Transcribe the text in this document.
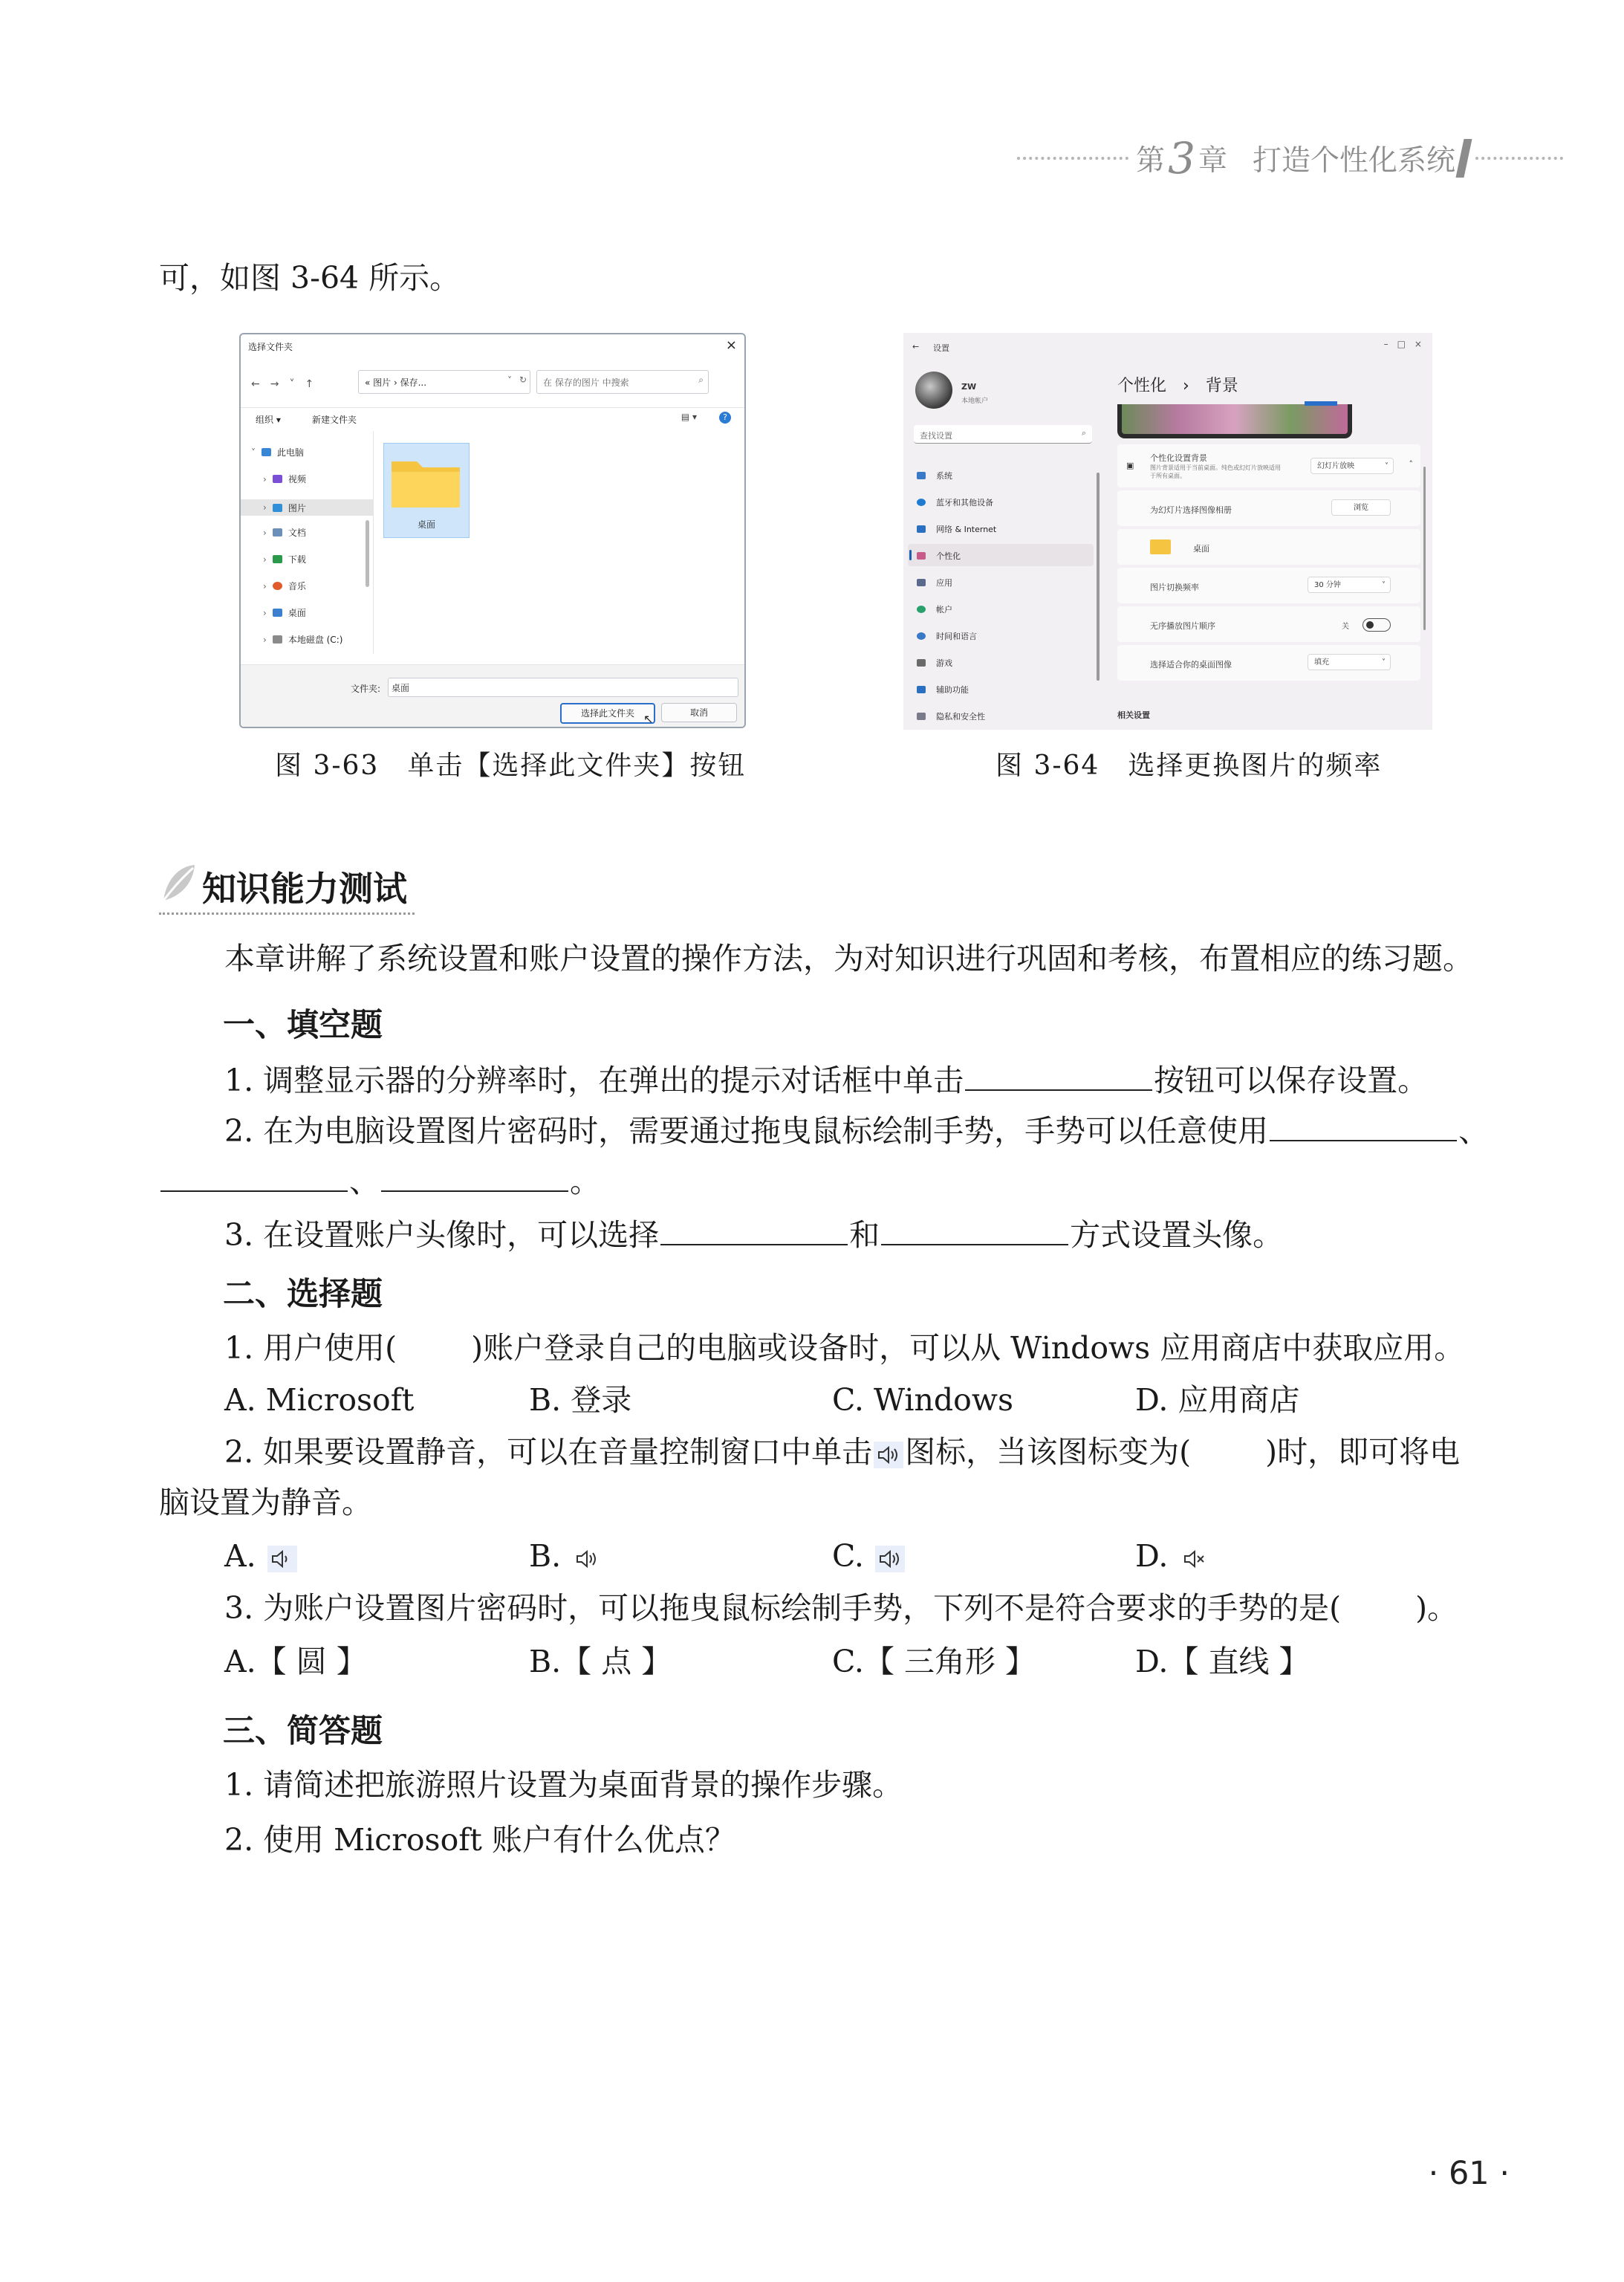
第 3 章 打造个性化系统
可，如图 3-64 所示。
选择文件夹	×
←　→　˅　↑	« 图片 › 保存...	˅ ↻ 在 保存的图片 中搜索	⌕
组织 ▾	新建文件夹	▤ ▾	?
˅ 此电脑
› 视频
› 图片
› 文档
› 下载
› 音乐
› 桌面
› 本地磁盘 (C:)
文件夹: 桌面
选择此文件夹	取消
↖
桌面
图 3-63　单击【选择此文件夹】按钮
← 设置	–　□　×
ZW
本地帐户
查找设置	⌕
系统
蓝牙和其他设备
网络 & Internet
个性化
应用
帐户
时间和语言
游戏
辅助功能
隐私和安全性
个性化　›　背景
▣
个性化设置背景
图片背景适用于当前桌面。纯色或幻灯片放映适用于所有桌面。
幻灯片放映	˅	˄
为幻灯片选择图像相册	浏览
桌面
图片切换频率	30 分钟	˅
无序播放图片顺序	关
选择适合你的桌面图像	填充	˅
相关设置
图 3-64　选择更换图片的频率
知识能力测试
本章讲解了系统设置和账户设置的操作方法，为对知识进行巩固和考核，布置相应的练习题。
一、填空题
1. 调整显示器的分辨率时，在弹出的提示对话框中单击	按钮可以保存设置。
2. 在为电脑设置图片密码时，需要通过拖曳鼠标绘制手势，手势可以任意使用	、
、	。
3. 在设置账户头像时，可以选择	和	方式设置头像。
二、选择题
1. 用户使用( )账户登录自己的电脑或设备时，可以从 Windows 应用商店中获取应用。
A. Microsoft	B. 登录	C. Windows	D. 应用商店
2. 如果要设置静音，可以在音量控制窗口中单击 图标，当该图标变为( )时，即可将电
脑设置为静音。
A.	B.	C.	D.
3. 为账户设置图片密码时，可以拖曳鼠标绘制手势，下列不是符合要求的手势的是( )。
A.【 圆 】	B.【 点 】	C.【 三角形 】	D.【 直线 】
三、简答题
1. 请简述把旅游照片设置为桌面背景的操作步骤。
2. 使用 Microsoft 账户有什么优点？
· 61 ·
